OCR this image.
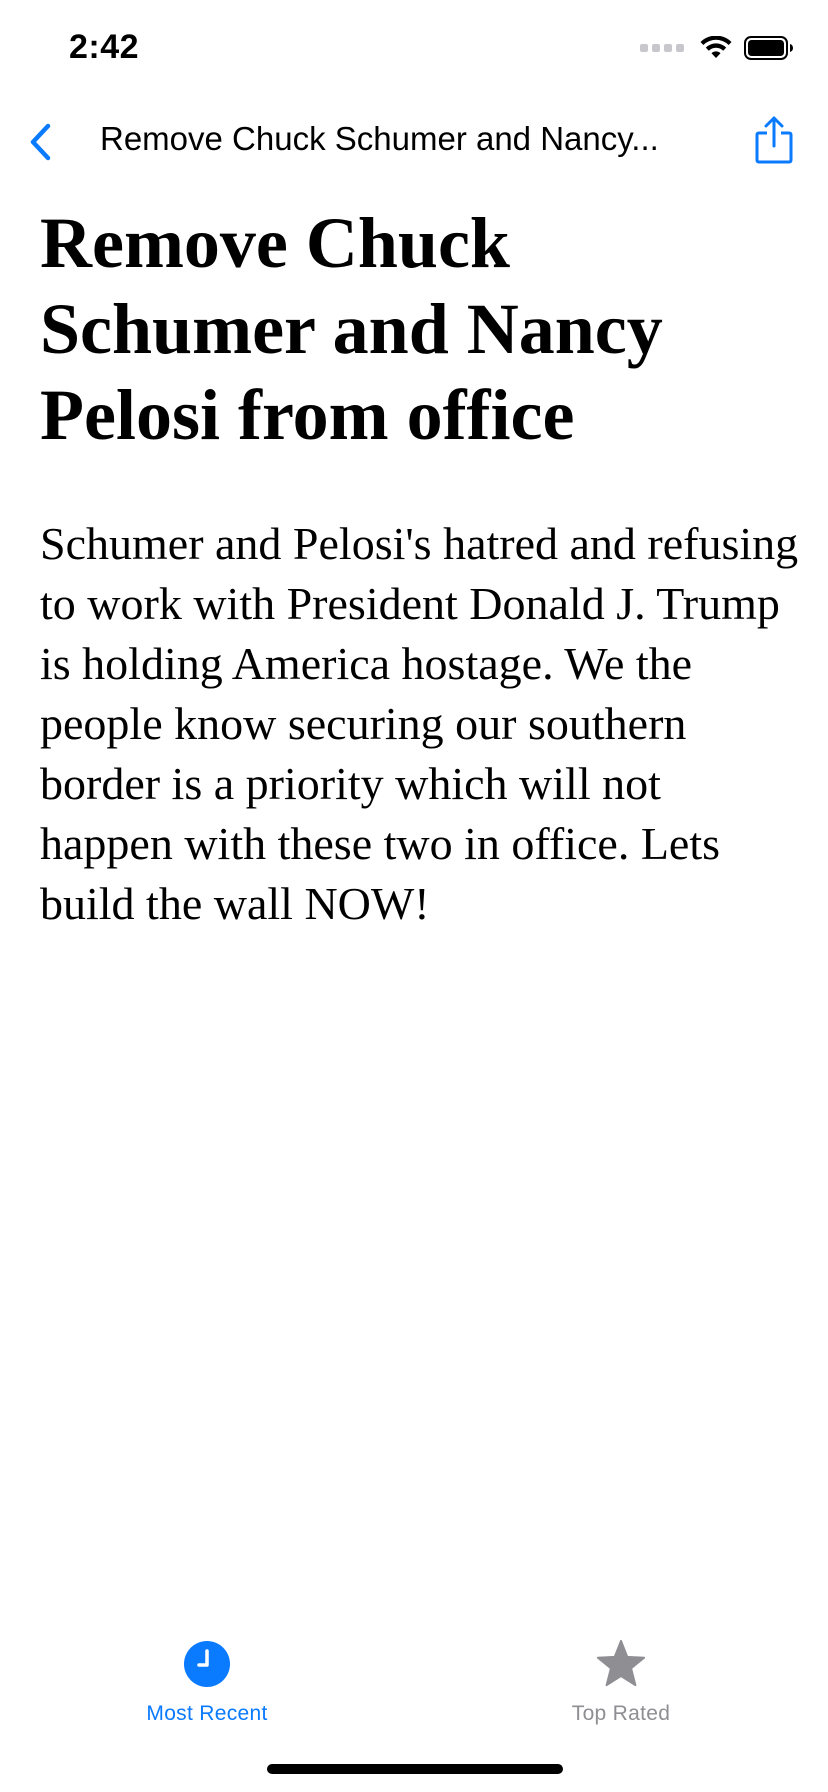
2:42
Remove Chuck Schumer and Nancy...
Remove Chuck Schumer and Nancy Pelosi from office

Schumer and Pelosi's hatred and refusing to work with President Donald J. Trump is holding America hostage. We the people know securing our southern border is a priority which will not happen with these two in office. Lets build the wall NOW!

Most Recent	Top Rated
